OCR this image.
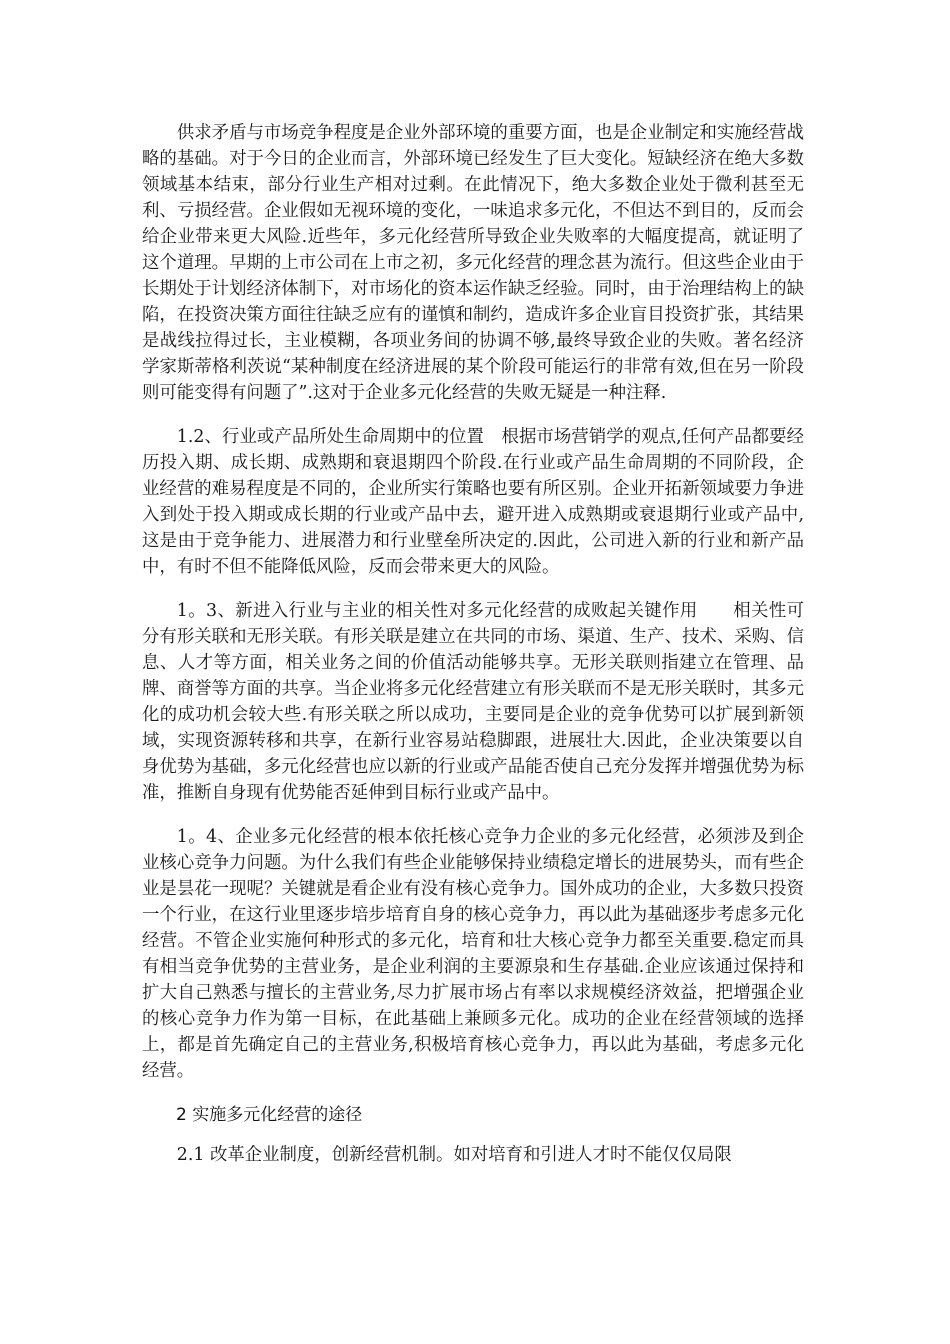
供求矛盾与市场竞争程度是企业外部环境的重要方面，也是企业制定和实施经营战略的基础。对于今日的企业而言，外部环境已经发生了巨大变化。短缺经济在绝大多数领域基本结束，部分行业生产相对过剩。在此情况下，绝大多数企业处于微利甚至无利、亏损经营。企业假如无视环境的变化，一味追求多元化，不但达不到目的，反而会给企业带来更大风险.近些年，多元化经营所导致企业失败率的大幅度提高，就证明了这个道理。早期的上市公司在上市之初，多元化经营的理念甚为流行。但这些企业由于长期处于计划经济体制下，对市场化的资本运作缺乏经验。同时，由于治理结构上的缺陷，在投资决策方面往往缺乏应有的谨慎和制约，造成许多企业盲目投资扩张，其结果是战线拉得过长，主业模糊，各项业务间的协调不够,最终导致企业的失败。著名经济学家斯蒂格利茨说“某种制度在经济进展的某个阶段可能运行的非常有效,但在另一阶段则可能变得有问题了”.这对于企业多元化经营的失败无疑是一种注释.

1.2、行业或产品所处生命周期中的位置　根据市场营销学的观点,任何产品都要经历投入期、成长期、成熟期和衰退期四个阶段.在行业或产品生命周期的不同阶段，企业经营的难易程度是不同的，企业所实行策略也要有所区别。企业开拓新领域要力争进入到处于投入期或成长期的行业或产品中去，避开进入成熟期或衰退期行业或产品中,这是由于竞争能力、进展潜力和行业壁垒所决定的.因此，公司进入新的行业和新产品中，有时不但不能降低风险，反而会带来更大的风险。

1。3、新进入行业与主业的相关性对多元化经营的成败起关键作用　　相关性可分有形关联和无形关联。有形关联是建立在共同的市场、渠道、生产、技术、采购、信息、人才等方面，相关业务之间的价值活动能够共享。无形关联则指建立在管理、品牌、商誉等方面的共享。当企业将多元化经营建立有形关联而不是无形关联时，其多元化的成功机会较大些.有形关联之所以成功，主要同是企业的竞争优势可以扩展到新领域，实现资源转移和共享，在新行业容易站稳脚跟，进展壮大.因此，企业决策要以自身优势为基础，多元化经营也应以新的行业或产品能否使自己充分发挥并增强优势为标准，推断自身现有优势能否延伸到目标行业或产品中。

1。4、企业多元化经营的根本依托核心竞争力企业的多元化经营，必须涉及到企业核心竞争力问题。为什么我们有些企业能够保持业绩稳定增长的进展势头，而有些企业是昙花一现呢？关键就是看企业有没有核心竞争力。国外成功的企业，大多数只投资一个行业，在这行业里逐步培步培育自身的核心竞争力，再以此为基础逐步考虑多元化经营。不管企业实施何种形式的多元化，培育和壮大核心竞争力都至关重要.稳定而具有相当竞争优势的主营业务，是企业利润的主要源泉和生存基础.企业应该通过保持和扩大自己熟悉与擅长的主营业务,尽力扩展市场占有率以求规模经济效益，把增强企业的核心竞争力作为第一目标，在此基础上兼顾多元化。成功的企业在经营领域的选择上，都是首先确定自己的主营业务,积极培育核心竞争力，再以此为基础，考虑多元化经营。

2 实施多元化经营的途径

2.1 改革企业制度，创新经营机制。如对培育和引进人才时不能仅仅局限
